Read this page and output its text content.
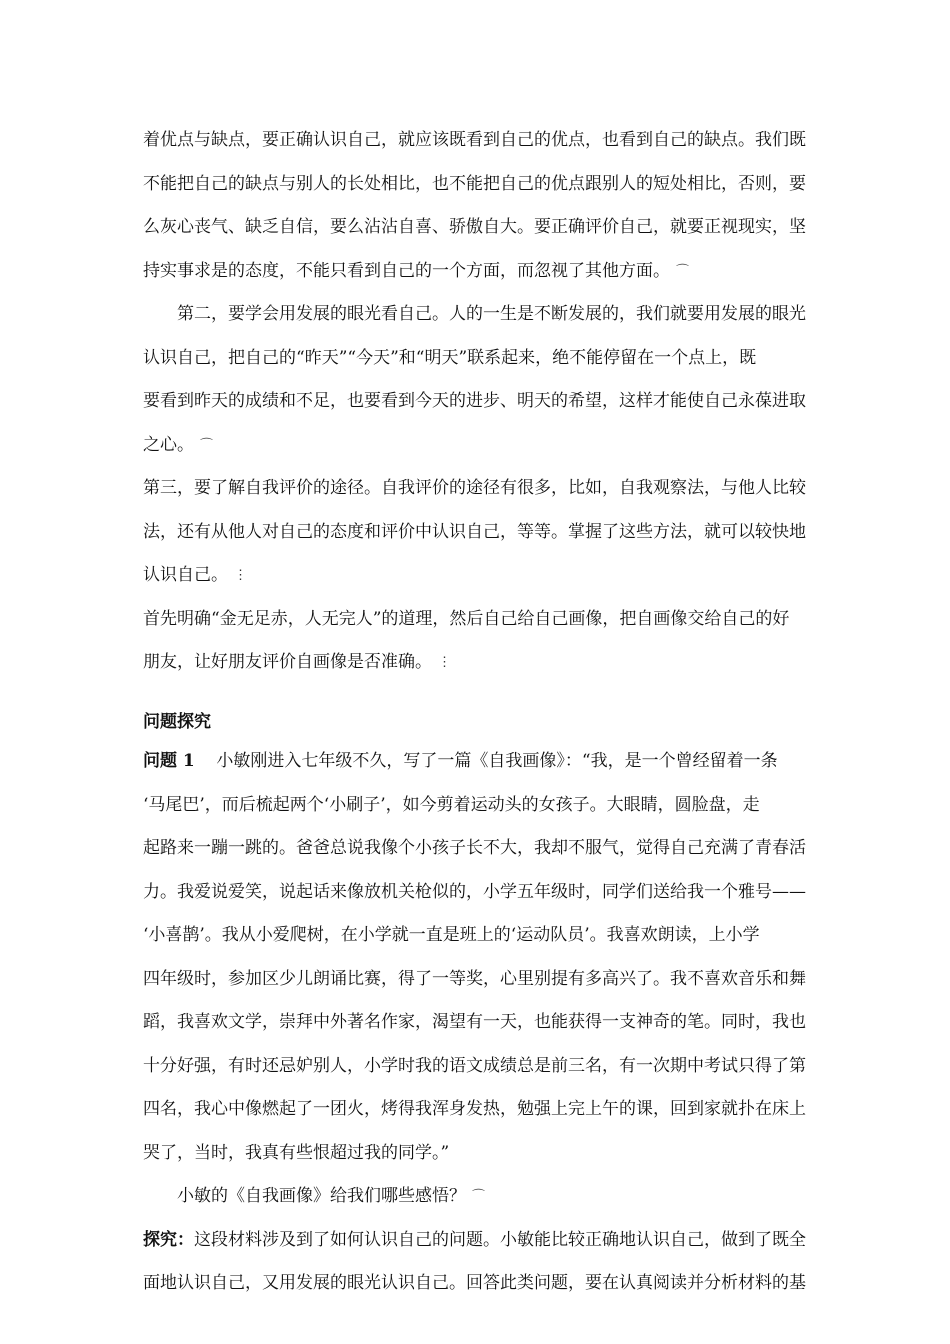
着优点与缺点，要正确认识自己，就应该既看到自己的优点，也看到自己的缺点。我们既
不能把自己的缺点与别人的长处相比，也不能把自己的优点跟别人的短处相比，否则，要
么灰心丧气、缺乏自信，要么沾沾自喜、骄傲自大。要正确评价自己，就要正视现实，坚
持实事求是的态度，不能只看到自己的一个方面，而忽视了其他方面。 ⌒
第二，要学会用发展的眼光看自己。人的一生是不断发展的，我们就要用发展的眼光
认识自己，把自己的“昨天”“今天”和“明天”联系起来，绝不能停留在一个点上，既
要看到昨天的成绩和不足，也要看到今天的进步、明天的希望，这样才能使自己永葆进取
之心。 ⌒
第三，要了解自我评价的途径。自我评价的途径有很多，比如，自我观察法，与他人比较
法，还有从他人对自己的态度和评价中认识自己，等等。掌握了这些方法，就可以较快地
认识自己。 ⋮
首先明确“金无足赤，人无完人”的道理，然后自己给自己画像，把自画像交给自己的好
朋友，让好朋友评价自画像是否准确。 ⋮
问题探究
问题 1 小敏刚进入七年级不久，写了一篇《自我画像》：“我，是一个曾经留着一条
‘马尾巴’，而后梳起两个‘小刷子’，如今剪着运动头的女孩子。大眼睛，圆脸盘，走
起路来一蹦一跳的。爸爸总说我像个小孩子长不大，我却不服气，觉得自己充满了青春活
力。我爱说爱笑，说起话来像放机关枪似的，小学五年级时，同学们送给我一个雅号——
‘小喜鹊’。我从小爱爬树，在小学就一直是班上的‘运动队员’。我喜欢朗读，上小学
四年级时，参加区少儿朗诵比赛，得了一等奖，心里别提有多高兴了。我不喜欢音乐和舞
蹈，我喜欢文学，崇拜中外著名作家，渴望有一天，也能获得一支神奇的笔。同时，我也
十分好强，有时还忌妒别人，小学时我的语文成绩总是前三名，有一次期中考试只得了第
四名，我心中像燃起了一团火，烤得我浑身发热，勉强上完上午的课，回到家就扑在床上
哭了，当时，我真有些恨超过我的同学。”
小敏的《自我画像》给我们哪些感悟？ ⌒
探究：这段材料涉及到了如何认识自己的问题。小敏能比较正确地认识自己，做到了既全
面地认识自己，又用发展的眼光认识自己。回答此类问题，要在认真阅读并分析材料的基
